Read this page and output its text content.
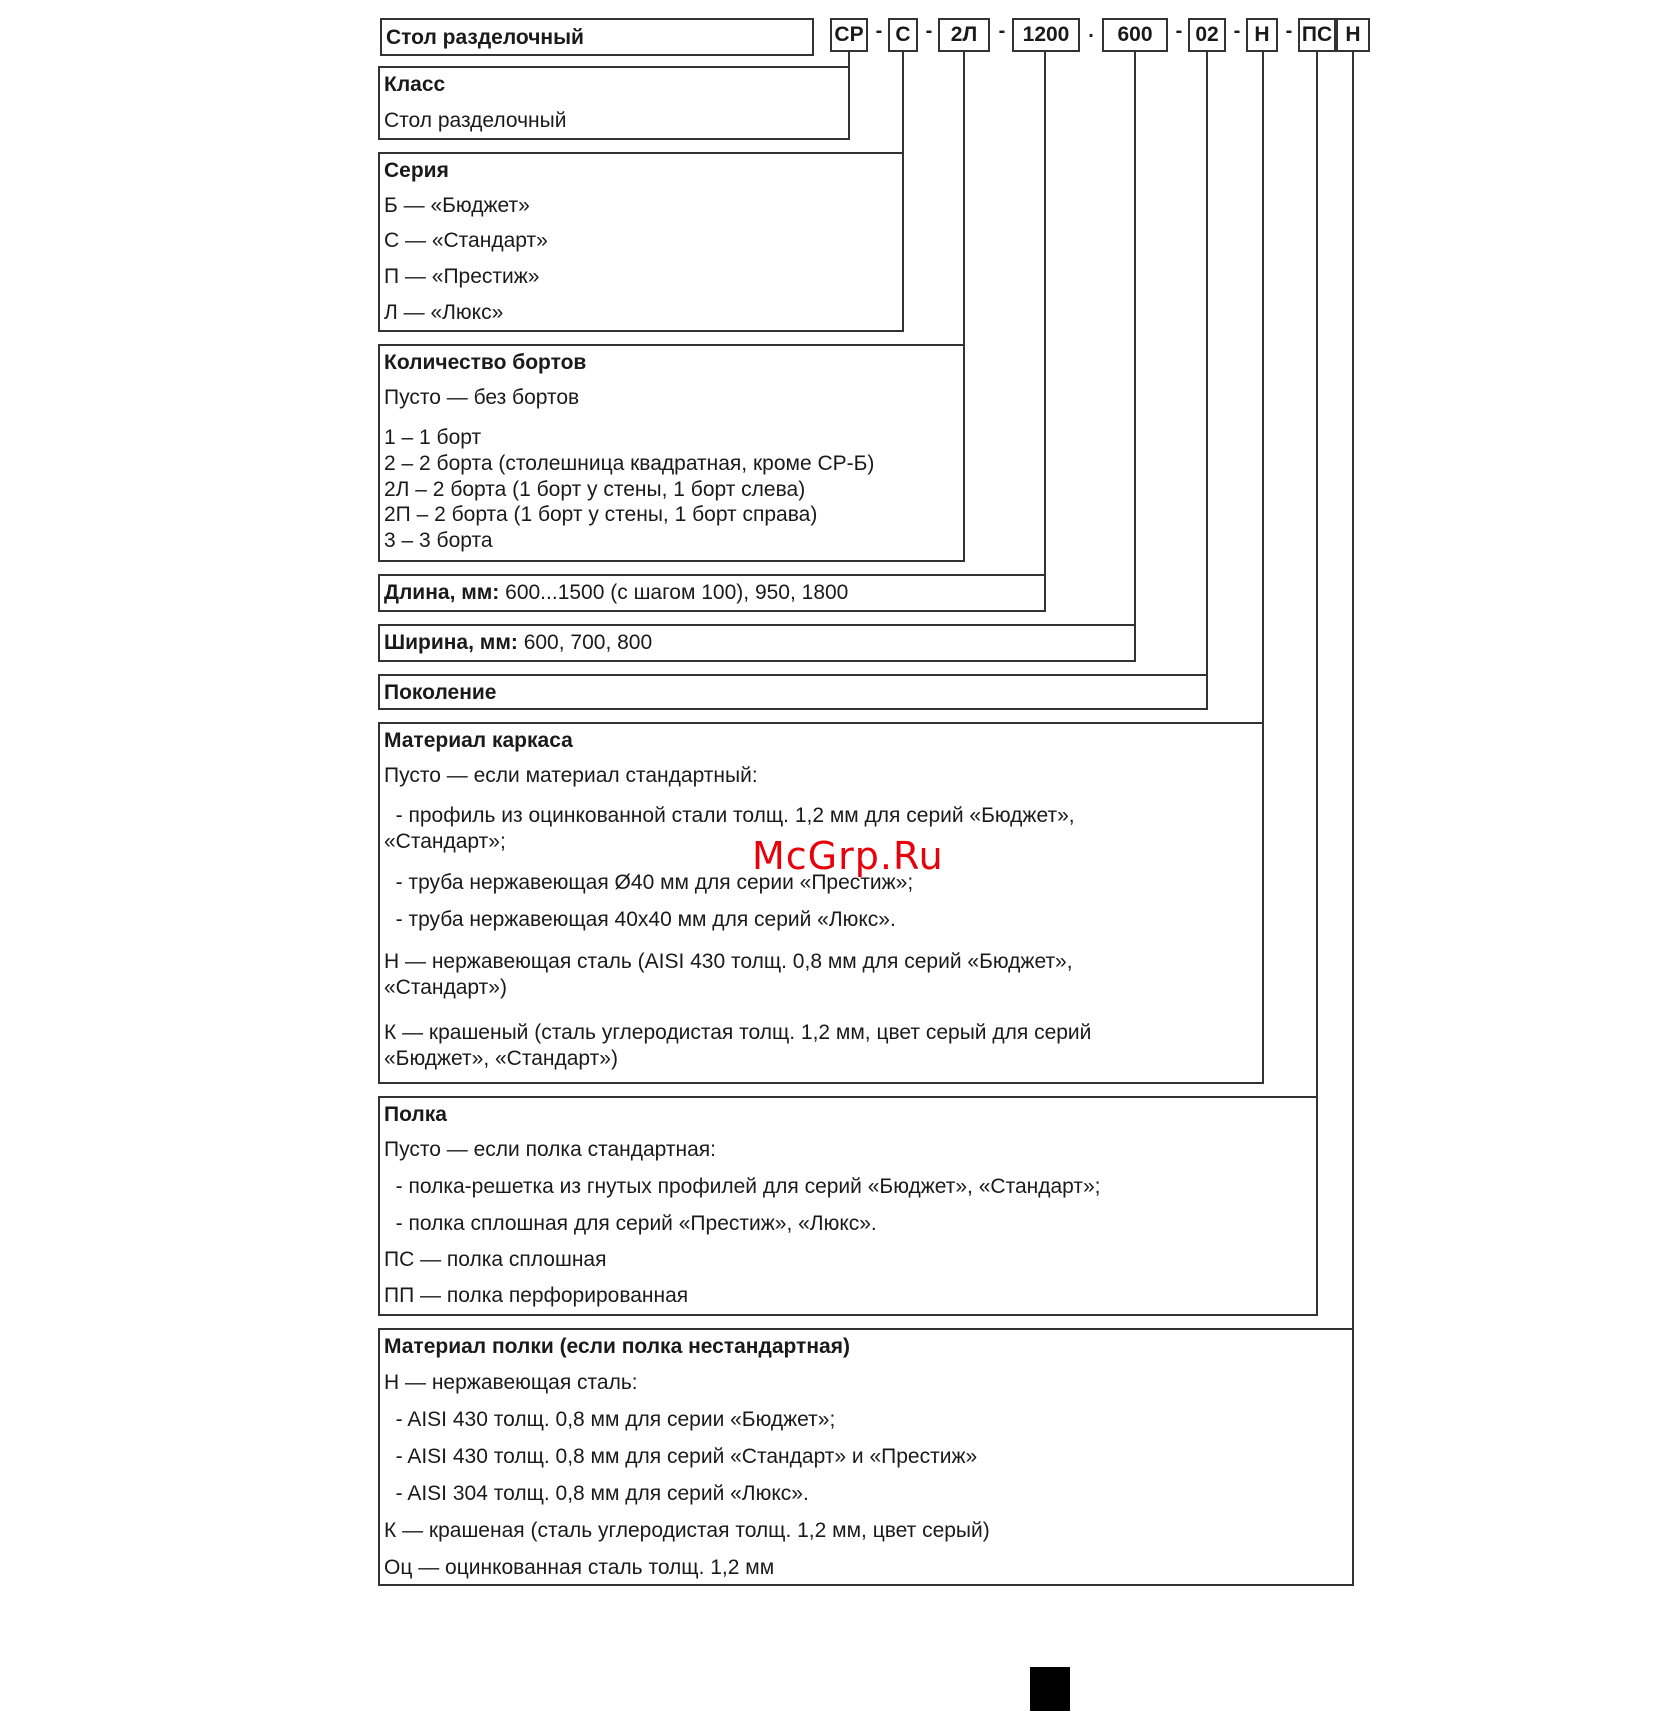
Стол разделочный	СР - С - 2Л	- 1200 .	600	- 02 - Н - ПС Н
Класс
Стол разделочный
Серия
Б — «Бюджет»
С — «Стандарт»
П — «Престиж»
Л — «Люкс»
Количество бортов
Пусто — без бортов
1 – 1 борт
2 – 2 борта (столешница квадратная, кроме СР-Б)
2Л – 2 борта (1 борт у стены, 1 борт слева)
2П – 2 борта (1 борт у стены, 1 борт справа)
3 – 3 борта
Длина, мм: 600...1500 (с шагом 100), 950, 1800
Ширина, мм: 600, 700, 800
Поколение
Материал каркаса
Пусто — если материал стандартный:
- профиль из оцинкованной стали толщ. 1,2 мм для серий «Бюджет»,
«Стандарт»;
- труба нержавеющая Ø40 мм для серии «Престиж»;
- труба нержавеющая 40х40 мм для серий «Люкс».
Н — нержавеющая сталь (AISI 430 толщ. 0,8 мм для серий «Бюджет»,
«Стандарт»)
К — крашеный (сталь углеродистая толщ. 1,2 мм, цвет серый для серий
«Бюджет», «Стандарт»)
Полка
Пусто — если полка стандартная:
- полка-решетка из гнутых профилей для серий «Бюджет», «Стандарт»;
- полка сплошная для серий «Престиж», «Люкс».
ПС — полка сплошная
ПП — полка перфорированная
Материал полки (если полка нестандартная)
Н — нержавеющая сталь:
- AISI 430 толщ. 0,8 мм для серии «Бюджет»;
- AISI 430 толщ. 0,8 мм для серий «Стандарт» и «Престиж»
- AISI 304 толщ. 0,8 мм для серий «Люкс».
К — крашеная (сталь углеродистая толщ. 1,2 мм, цвет серый)
Оц — оцинкованная сталь толщ. 1,2 мм
McGrp.Ru
